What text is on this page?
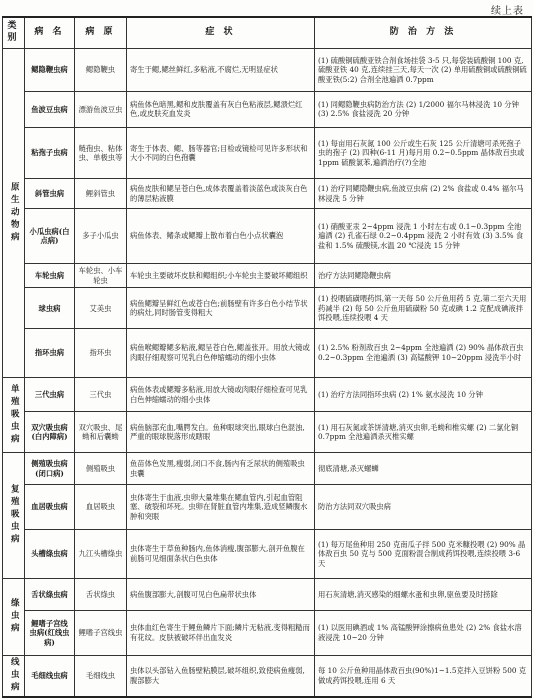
续上表
类别	病 名	病 原	症 状	防 治 方 法
原生动物病	鳃隐鞭虫病	鳃隐鞭虫	寄生于鳃,鳃丝鲜红,多粘液,不腐烂,无明显症状	(1) 硫酸铜硫酸亚铁合剂食场挂袋 3-5 只,每袋装硫酸铜 100 克,硫酸亚铁 40 克,连续挂三天,每天一次 (2) 单用硫酸铜或硫酸铜硫酸亚铁(5:2) 合剂全池遍洒 0.7ppm
	鱼波豆虫病	漂游鱼波豆虫	病鱼体色暗黑,鳃和皮肤覆盖有灰白色粘液层,鳃溃烂红色,或皮肤充血发炎	(1) 同鳃隐鞭虫病防治方法 (2) 1/2000 福尔马林浸洗 10 分钟 (3) 2.5% 食盐浸洗 20 分钟
	粘孢子虫病	鲢孢虫、粘体虫、单极虫等	寄生于体表、鳃、肠等器官;目检或镜检可见许多形状和大小不同的白色孢囊	(1) 每亩用石灰氮 100 公斤或生石灰 125 公斤清塘可杀死孢子虫的孢子 (2) 四种(6-11 月)每月用 0.2~0.5ppm 晶体敌百虫或 1ppm 硫酸氯苯,遍洒治疗(?)全池
	斜管虫病	鲤斜管虫	病鱼皮肤和鳃呈苍白色,成体表覆盖着淡蓝色或淡灰白色的薄层粘液膜	(1) 治疗同鳃隐鞭虫病,鱼波豆虫病 (2) 2% 食盐或 0.4% 福尔马林浸洗 5 分钟
	小瓜虫病(白点病)	多子小瓜虫	病鱼体表、鳍条或鳃瓣上散布着白色小点状囊泡	(1) 硝酸亚汞 2~4ppm 浸洗 1 小时左右或 0.1~0.3ppm 全池遍洒 (2) 孔雀石绿 0.2~0.4ppm 浸洗 2 小时有效 (3) 3.5% 食盐和 1.5% 硫酸镁,水温 20 ℃浸洗 15 分钟
	车轮虫病	车轮虫、小车轮虫	车轮虫主要破坏皮肤和鳃组织;小车轮虫主要破坏鳃组织	治疗方法同鳃隐鞭虫病
	球虫病	艾美虫	病鱼鳃瓣呈鲜红色或苍白色;前肠壁有许多白色小结节状的病灶,同时肠管变得粗大	(1) 投喂硫磺喂药饵,第一天每 50 公斤鱼用药 5 克,第二至六天用药减半 (2) 每 50 公斤鱼用硫磺粉 50 克或碘 1.2 克配成碘液拌饵投喂,连续投喂 4 天
	指环虫病	指环虫	病鱼喉鳃瓣鳃多粘液,鳃呈苍白色,鳃盖张开。用放大镜或肉眼仔细观察可见乳白色伸缩蠕动的细小虫体	(1) 2.5% 粉剂敌百虫 2~4ppm 全池遍洒 (2) 90% 晶体敌百虫 0.2~0.3ppm 全池遍洒 (3) 高锰酸钾 10~20ppm 浸洗半小时
单殖吸虫病	三代虫病	三代虫	病鱼体表或鳃瓣多粘液,用放大镜或肉眼仔细检查可见乳白色伸缩蠕动的细小虫体	(1) 治疗方法同指环虫病 (2) 1% 氨水浸洗 10 分钟
	双穴吸虫病(白内障病)	双穴吸虫、尾蚴和后囊蚴	病鱼脑部充血,嘴腭发白。鱼种眼球突出,眼球白色混浊,严重的眼球脱落形成瞎眼	(1) 用石灰氮或茶饼清塘,消灭虫卵,毛蚴和椎实螺 (2) 二氯化铜 0.7ppm 全池遍洒杀灭椎实螺
复殖吸虫病	侧殖吸虫病(闭口病)	侧殖吸虫	鱼苗体色发黑,瘦弱,闭口不食,肠内有乏尿状的侧殖吸虫虫囊	彻底清塘,杀灭螺蛳
	血居吸虫病	血居吸虫	虫体寄生于血液,虫卵大量堆集在鳃血管内,引起血管阻塞、破裂和坏死。虫卵在肾脏血管内堆集,造成竖鳞腹水肿和突眼	防治方法同双穴吸虫病
	头槽绦虫病	九江头槽绦虫	虫体寄生于草鱼种肠内,鱼体消瘦,腹部膨大,剖开鱼腹在前肠可见细面条状白色虫体	(1) 每万尾鱼种用 250 克南瓜子拌 500 克米糠投喂 (2) 90% 晶体敌百虫 50 克与 500 克面粉混合制成药饵投喂,连续投喂 3-6 天
绦虫病	舌状绦虫病	舌状绦虫	病鱼腹部膨大,剖腹可见白色扁带状虫体	用石灰清塘,消灭感染的细螺水蚤和虫卵,驱鱼要及时捞除
	鲤嗜子宫线虫病(红线虫病)	鲤嗜子宫线虫	虫体血红色寄生于鲤鱼鳞片下面;鳞片无粘液,变得粗糙而有花纹。皮肤被破坏伴出血发炎	(1) 以医用碘酒或 1% 高锰酸钾涂擦病鱼患处 (2) 2% 食盐水溶液浸洗 10~20 分钟
线虫病	毛细线虫病	毛细线虫	虫体以头部钻入鱼肠壁粘膜层,破坏组织,致使病鱼瘦弱,腹部膨大	每 10 公斤鱼种用晶体敌百虫(90%)1~1.5克拌入豆饼粉 500 克做成药饵投喂,连用 6 天
